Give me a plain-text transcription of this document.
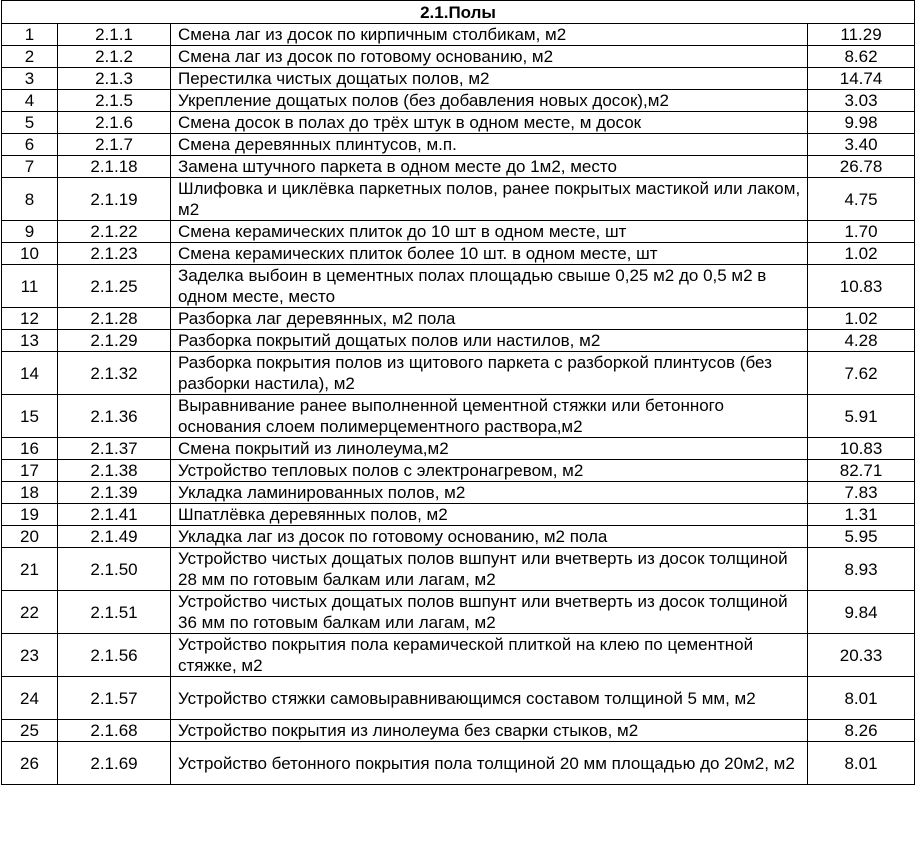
2.1.Полы			
1	2.1.1	Смена лаг из досок по кирпичным столбикам, м2	11.29
2	2.1.2	Смена лаг из досок по готовому основанию, м2	8.62
3	2.1.3	Перестилка чистых дощатых полов, м2	14.74
4	2.1.5	Укрепление дощатых полов (без добавления новых досок),м2	3.03
5	2.1.6	Смена досок в полах до трёх штук в одном месте, м досок	9.98
6	2.1.7	Смена деревянных плинтусов, м.п.	3.40
7	2.1.18	Замена штучного паркета в одном месте до 1м2, место	26.78
8	2.1.19	Шлифовка и циклёвка паркетных полов, ранее покрытых мастикой или лаком, м2	4.75
9	2.1.22	Смена керамических плиток до 10 шт в одном месте, шт	1.70
10	2.1.23	Смена керамических плиток более 10 шт. в одном месте, шт	1.02
11	2.1.25	Заделка выбоин в цементных полах площадью свыше 0,25 м2 до 0,5 м2 в одном месте, место	10.83
12	2.1.28	Разборка лаг деревянных, м2 пола	1.02
13	2.1.29	Разборка покрытий дощатых полов или настилов, м2	4.28
14	2.1.32	Разборка покрытия полов из щитового паркета с разборкой плинтусов (без разборки настила), м2	7.62
15	2.1.36	Выравнивание ранее выполненной цементной стяжки или бетонного основания слоем полимерцементного раствора,м2	5.91
16	2.1.37	Смена покрытий из линолеума,м2	10.83
17	2.1.38	Устройство тепловых полов с электронагревом, м2	82.71
18	2.1.39	Укладка ламинированных полов, м2	7.83
19	2.1.41	Шпатлёвка деревянных полов, м2	1.31
20	2.1.49	Укладка лаг из досок по готовому основанию, м2 пола	5.95
21	2.1.50	Устройство чистых дощатых полов вшпунт или вчетверть из досок толщиной 28 мм по готовым балкам или лагам, м2	8.93
22	2.1.51	Устройство чистых дощатых полов вшпунт или вчетверть из досок толщиной 36 мм по готовым балкам или лагам, м2	9.84
23	2.1.56	Устройство покрытия пола керамической плиткой на клею по цементной стяжке, м2	20.33
24	2.1.57	Устройство стяжки самовыравнивающимся составом толщиной 5 мм, м2	8.01
25	2.1.68	Устройство покрытия из линолеума без сварки стыков, м2	8.26
26	2.1.69	Устройство бетонного покрытия пола толщиной 20 мм площадью до 20м2, м2	8.01
